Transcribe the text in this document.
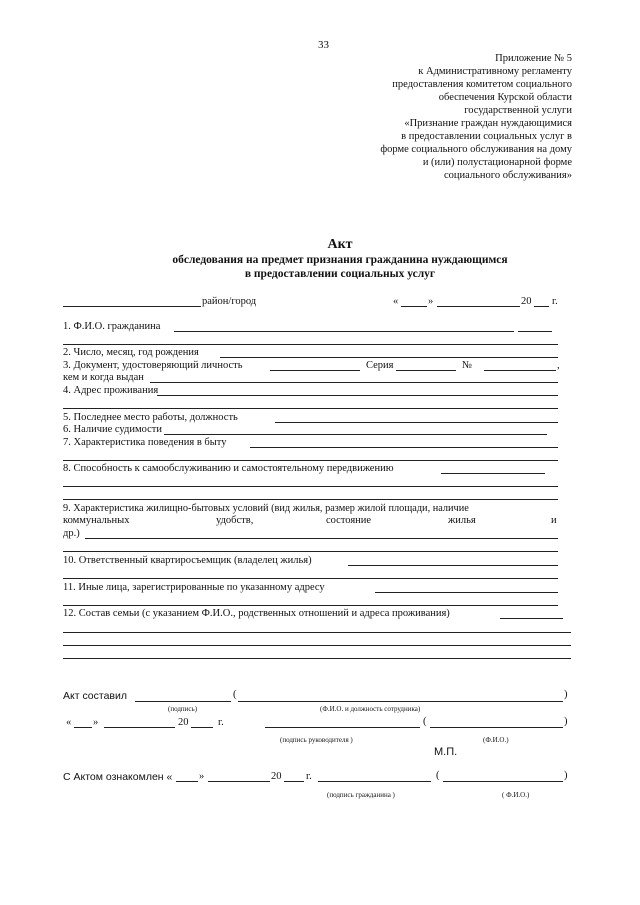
33
Приложение № 5
к Административному регламенту
предоставления комитетом социального
обеспечения Курской области
государственной услуги
«Признание граждан нуждающимися
в предоставлении социальных услуг в
форме социального обслуживания на дому
и (или) полустационарной форме
социального обслуживания»
Акт
обследования на предмет признания гражданина нуждающимся
в предоставлении социальных услуг
район/город	«	»	20 г.
1. Ф.И.О. гражданина
2. Число, месяц, год рождения
3. Документ, удостоверяющий личность	Серия	№	,
кем и когда выдан
4. Адрес проживания
5. Последнее место работы, должность
6. Наличие судимости
7. Характеристика поведения в быту
8. Способность к самообслуживанию и самостоятельному передвижению
9. Характеристика жилищно-бытовых условий (вид жилья, размер жилой площади, наличие
коммунальных	удобств,	состояние	жилья	и
др.)
10. Ответственный квартиросъемщик (владелец жилья)
11. Иные лица, зарегистрированные по указанному адресу
12. Состав семьи (с указанием Ф.И.О., родственных отношений и адреса проживания)
Акт составил	(	)
(подпись)	(Ф.И.О. и должность сотрудника)
« »	20	г.	(	)
(подпись руководителя )	(Ф.И.О.)
М.П.
С Актом ознакомлен «	»	20 г.	(	)
(подпись гражданина )	( Ф.И.О.)
